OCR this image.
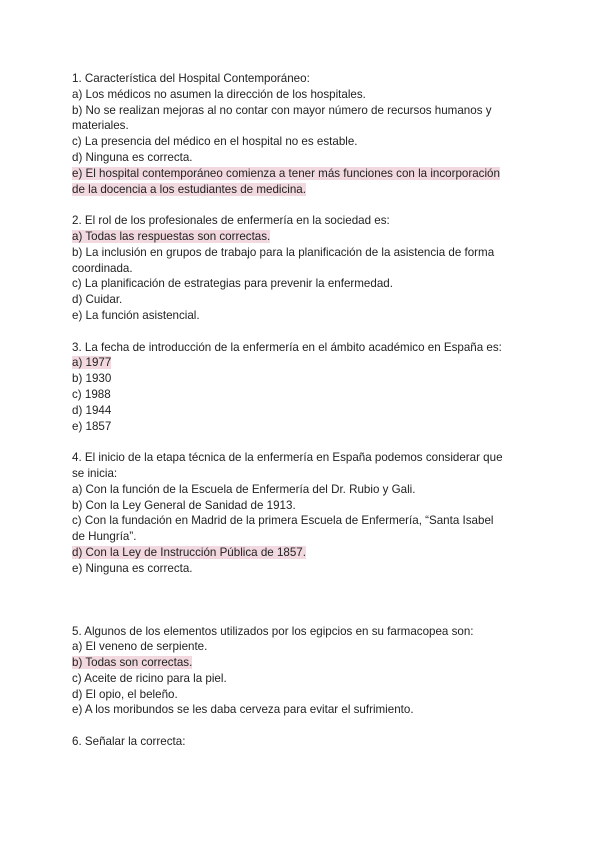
1. Característica del Hospital Contemporáneo:
a) Los médicos no asumen la dirección de los hospitales.
b) No se realizan mejoras al no contar con mayor número de recursos humanos y
materiales.
c) La presencia del médico en el hospital no es estable.
d) Ninguna es correcta.
e) El hospital contemporáneo comienza a tener más funciones con la incorporación
de la docencia a los estudiantes de medicina.
2. El rol de los profesionales de enfermería en la sociedad es:
a) Todas las respuestas son correctas.
b) La inclusión en grupos de trabajo para la planificación de la asistencia de forma
coordinada.
c) La planificación de estrategias para prevenir la enfermedad.
d) Cuidar.
e) La función asistencial.
3. La fecha de introducción de la enfermería en el ámbito académico en España es:
a) 1977
b) 1930
c) 1988
d) 1944
e) 1857
4. El inicio de la etapa técnica de la enfermería en España podemos considerar que
se inicia:
a) Con la función de la Escuela de Enfermería del Dr. Rubio y Gali.
b) Con la Ley General de Sanidad de 1913.
c) Con la fundación en Madrid de la primera Escuela de Enfermería, “Santa Isabel
de Hungría”.
d) Con la Ley de Instrucción Pública de 1857.
e) Ninguna es correcta.
5. Algunos de los elementos utilizados por los egipcios en su farmacopea son:
a) El veneno de serpiente.
b) Todas son correctas.
c) Aceite de ricino para la piel.
d) El opio, el beleño.
e) A los moribundos se les daba cerveza para evitar el sufrimiento.
6. Señalar la correcta:
